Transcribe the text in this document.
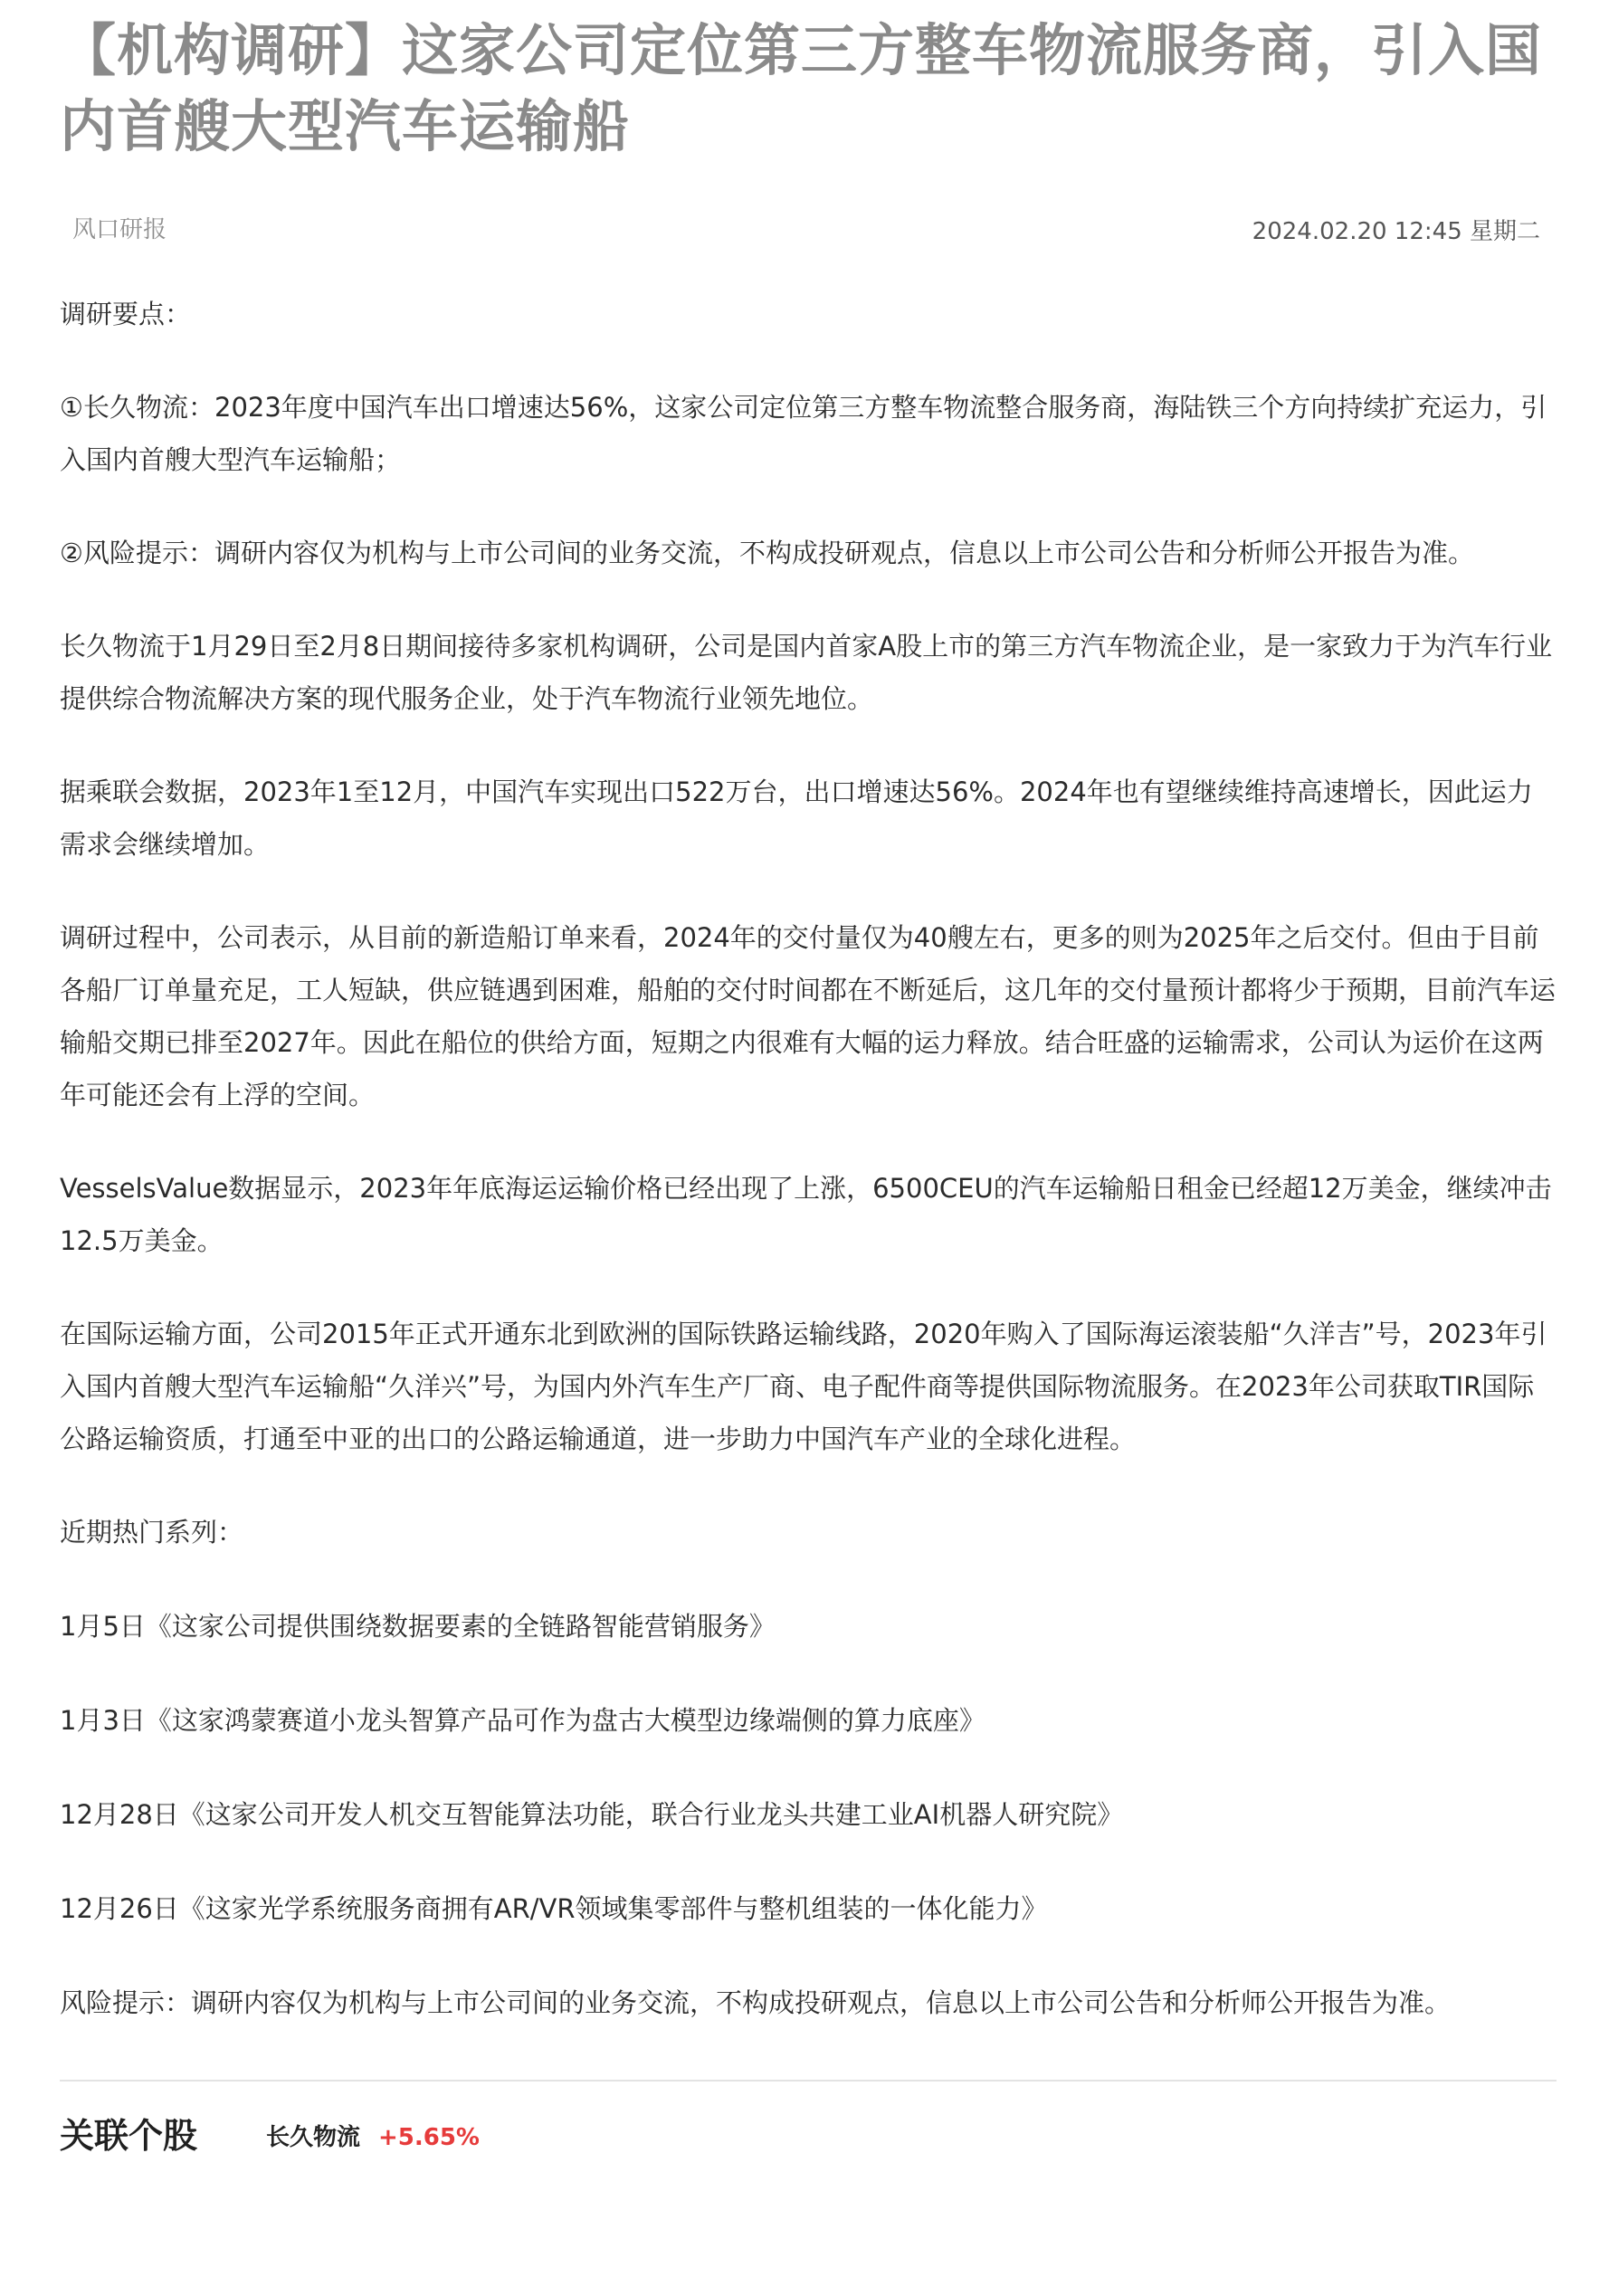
【机构调研】这家公司定位第三方整车物流服务商，引入国内首艘大型汽车运输船
风口研报	2024.02.20 12:45 星期二

调研要点：

①长久物流：2023年度中国汽车出口增速达56%，这家公司定位第三方整车物流整合服务商，海陆铁三个方向持续扩充运力，引入国内首艘大型汽车运输船；

②风险提示：调研内容仅为机构与上市公司间的业务交流，不构成投研观点，信息以上市公司公告和分析师公开报告为准。

长久物流于1月29日至2月8日期间接待多家机构调研，公司是国内首家A股上市的第三方汽车物流企业，是一家致力于为汽车行业提供综合物流解决方案的现代服务企业，处于汽车物流行业领先地位。

据乘联会数据，2023年1至12月，中国汽车实现出口522万台，出口增速达56%。2024年也有望继续维持高速增长，因此运力需求会继续增加。

调研过程中，公司表示，从目前的新造船订单来看，2024年的交付量仅为40艘左右，更多的则为2025年之后交付。但由于目前各船厂订单量充足，工人短缺，供应链遇到困难，船舶的交付时间都在不断延后，这几年的交付量预计都将少于预期，目前汽车运输船交期已排至2027年。因此在船位的供给方面，短期之内很难有大幅的运力释放。结合旺盛的运输需求，公司认为运价在这两年可能还会有上浮的空间。

VesselsValue数据显示，2023年年底海运运输价格已经出现了上涨，6500CEU的汽车运输船日租金已经超12万美金，继续冲击12.5万美金。

在国际运输方面，公司2015年正式开通东北到欧洲的国际铁路运输线路，2020年购入了国际海运滚装船“久洋吉”号，2023年引入国内首艘大型汽车运输船“久洋兴”号，为国内外汽车生产厂商、电子配件商等提供国际物流服务。在2023年公司获取TIR国际公路运输资质，打通至中亚的出口的公路运输通道，进一步助力中国汽车产业的全球化进程。

近期热门系列：

1月5日《这家公司提供围绕数据要素的全链路智能营销服务》

1月3日《这家鸿蒙赛道小龙头智算产品可作为盘古大模型边缘端侧的算力底座》

12月28日《这家公司开发人机交互智能算法功能，联合行业龙头共建工业AI机器人研究院》

12月26日《这家光学系统服务商拥有AR/VR领域集零部件与整机组装的一体化能力》

风险提示：调研内容仅为机构与上市公司间的业务交流，不构成投研观点，信息以上市公司公告和分析师公开报告为准。

关联个股	长久物流 +5.65%
